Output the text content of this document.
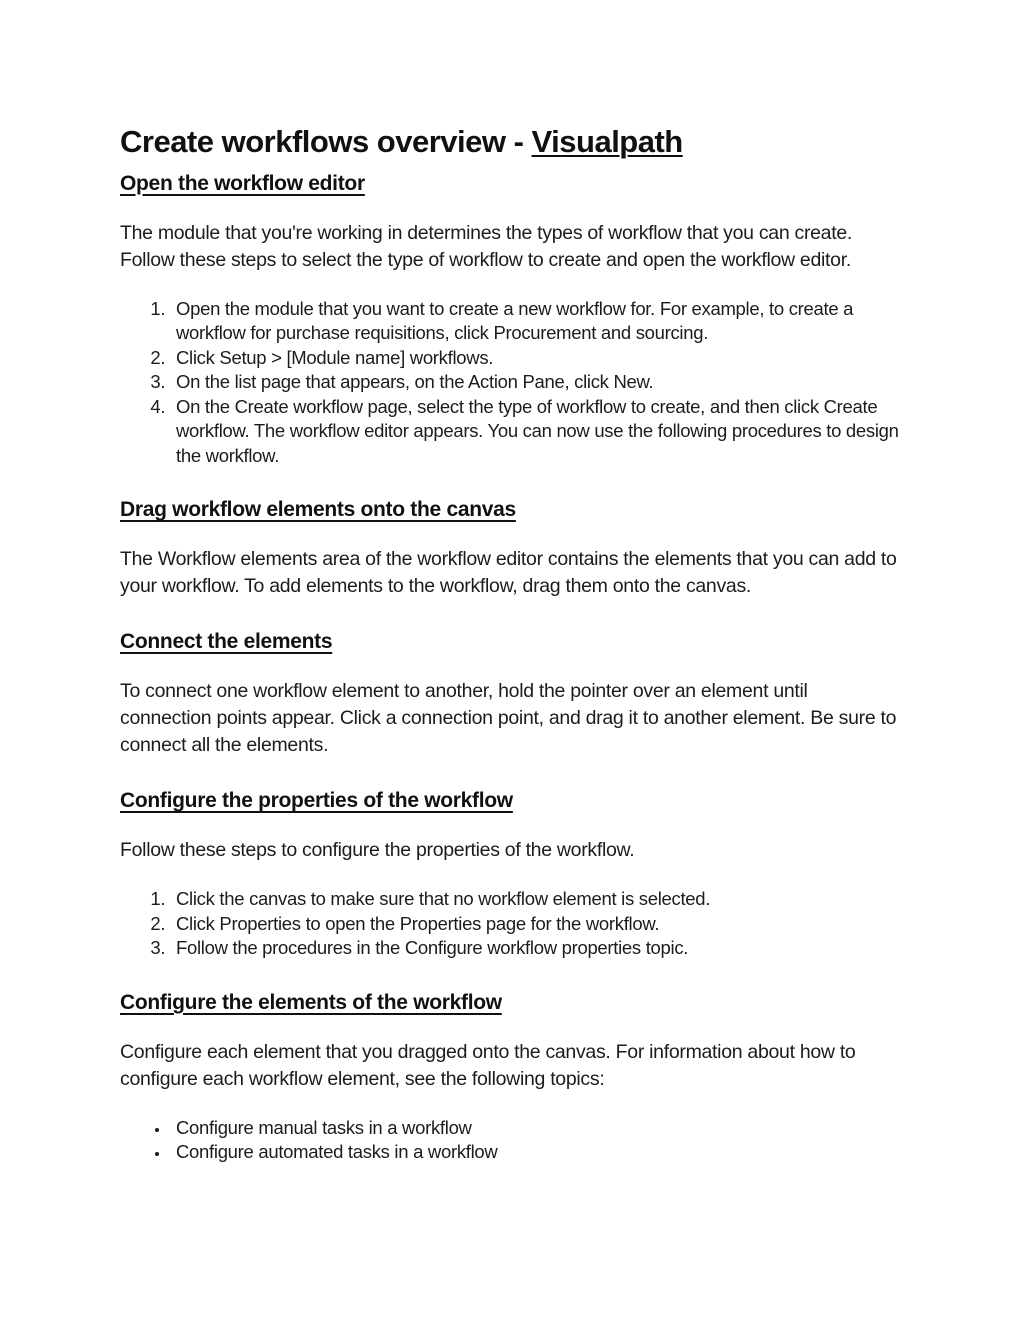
Create workflows overview - Visualpath
Open the workflow editor

The module that you're working in determines the types of workflow that you can create. Follow these steps to select the type of workflow to create and open the workflow editor.

1. Open the module that you want to create a new workflow for. For example, to create a workflow for purchase requisitions, click Procurement and sourcing.
2. Click Setup > [Module name] workflows.
3. On the list page that appears, on the Action Pane, click New.
4. On the Create workflow page, select the type of workflow to create, and then click Create workflow. The workflow editor appears. You can now use the following procedures to design the workflow.
Drag workflow elements onto the canvas

The Workflow elements area of the workflow editor contains the elements that you can add to your workflow. To add elements to the workflow, drag them onto the canvas.

Connect the elements

To connect one workflow element to another, hold the pointer over an element until connection points appear. Click a connection point, and drag it to another element. Be sure to connect all the elements.

Configure the properties of the workflow

Follow these steps to configure the properties of the workflow.

1. Click the canvas to make sure that no workflow element is selected.
2. Click Properties to open the Properties page for the workflow.
3. Follow the procedures in the Configure workflow properties topic.
Configure the elements of the workflow

Configure each element that you dragged onto the canvas. For information about how to configure each workflow element, see the following topics:

• Configure manual tasks in a workflow
• Configure automated tasks in a workflow
